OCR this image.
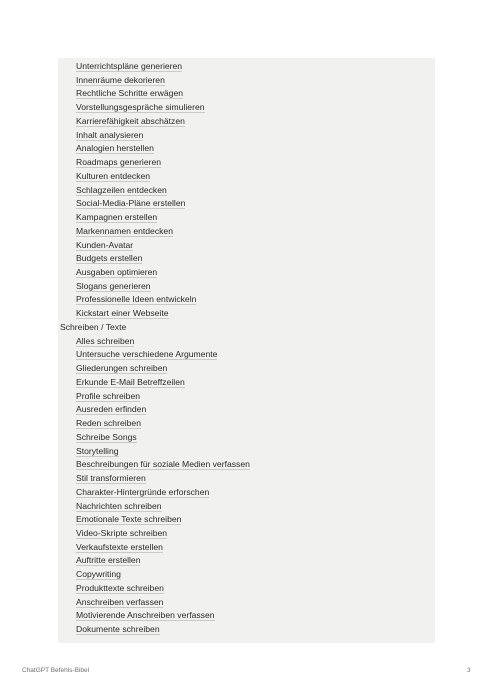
Unterrichtspläne generieren
Innenräume dekorieren
Rechtliche Schritte erwägen
Vorstellungsgespräche simulieren
Karrierefähigkeit abschätzen
Inhalt analysieren
Analogien herstellen
Roadmaps generieren
Kulturen entdecken
Schlagzeilen entdecken
Social-Media-Pläne erstellen
Kampagnen erstellen
Markennamen entdecken
Kunden-Avatar
Budgets erstellen
Ausgaben optimieren
Slogans generieren
Professionelle Ideen entwickeln
Kickstart einer Webseite
Schreiben / Texte
Alles schreiben
Untersuche verschiedene Argumente
Gliederungen schreiben
Erkunde E-Mail Betreffzeilen
Profile schreiben
Ausreden erfinden
Reden schreiben
Schreibe Songs
Storytelling
Beschreibungen für soziale Medien verfassen
Stil transformieren
Charakter-Hintergründe erforschen
Nachrichten schreiben
Emotionale Texte schreiben
Video-Skripte schreiben
Verkaufstexte erstellen
Auftritte erstellen
Copywriting
Produkttexte schreiben
Anschreiben verfassen
Motivierende Anschreiben verfassen
Dokumente schreiben
ChatGPT Befehls-Bibel	3
